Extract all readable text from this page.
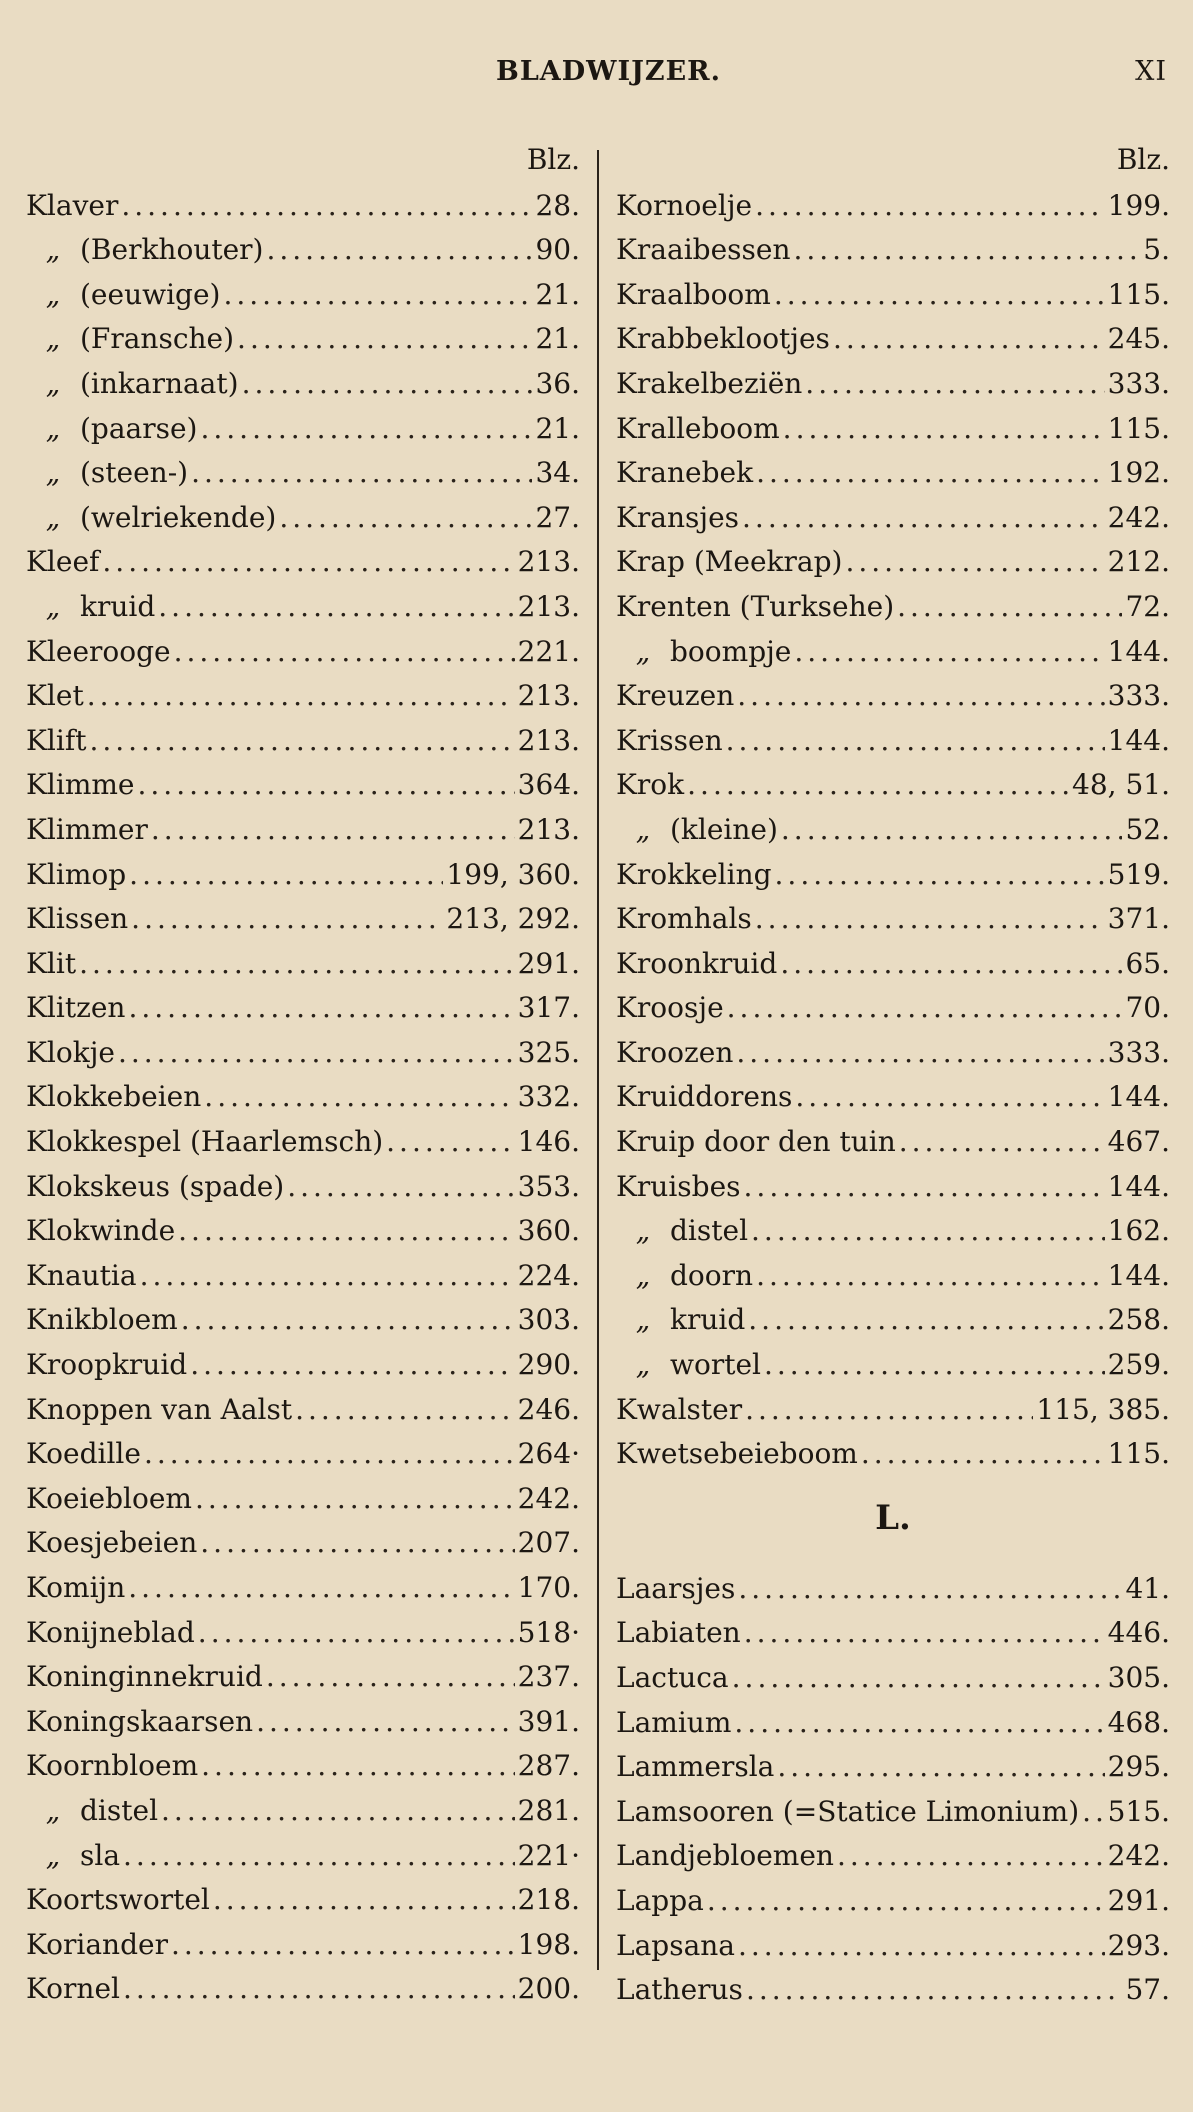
BLADWIJZER.	XI
Blz.
Klaver .....	28.
„ (Berkhouter) .....	90.
„ (eeuwige) .....	21.
„ (Fransche) .....	21.
„ (inkarnaat) .....	36.
„ (paarse) .....	21.
„ (steen-) .....	34.
„ (welriekende) .....	27.
Kleef .....	213.
„ kruid .....	213.
Kleerooge .....	221.
Klet .....	213.
Klift .....	213.
Klimme .....	364.
Klimmer .....	213.
Klimop .....	199, 360.
Klissen .....	213, 292.
Klit .....	291.
Klitzen .....	317.
Klokje .....	325.
Klokkebeien .....	332.
Klokkespel (Haarlemsch) .....	146.
Klokskeus (spade) .....	353.
Klokwinde .....	360.
Knautia .....	224.
Knikbloem .....	303.
Kroopkruid .....	290.
Knoppen van Aalst .....	246.
Koedille .....	264·
Koeiebloem .....	242.
Koesjebeien .....	207.
Komijn .....	170.
Konijneblad .....	518·
Koninginnekruid .....	237.
Koningskaarsen .....	391.
Koornbloem .....	287.
„ distel .....	281.
„ sla .....	221·
Koortswortel .....	218.
Koriander .....	198.
Kornel .....	200.
Blz.
Kornoelje .....	199.
Kraaibessen .....	5.
Kraalboom .....	115.
Krabbeklootjes .....	245.
Krakelbeziën .....	333.
Kralleboom .....	115.
Kranebek .....	192.
Kransjes .....	242.
Krap (Meekrap) .....	212.
Krenten (Turksehe) .....	72.
„ boompje .....	144.
Kreuzen .....	333.
Krissen .....	144.
Krok .....	48, 51.
„ (kleine) .....	52.
Krokkeling .....	519.
Kromhals .....	371.
Kroonkruid .....	65.
Kroosje .....	70.
Kroozen .....	333.
Kruiddorens .....	144.
Kruip door den tuin .....	467.
Kruisbes .....	144.
„ distel .....	162.
„ doorn .....	144.
„ kruid .....	258.
„ wortel .....	259.
Kwalster .....	115, 385.
Kwetsebeieboom .....	115.
L.
Laarsjes .....	41.
Labiaten .....	446.
Lactuca .....	305.
Lamium .....	468.
Lammersla .....	295.
Lamsooren (=Statice Limonium) ..... 515.
Landjebloemen .....	242.
Lappa .....	291.
Lapsana .....	293.
Latherus .....	57.
